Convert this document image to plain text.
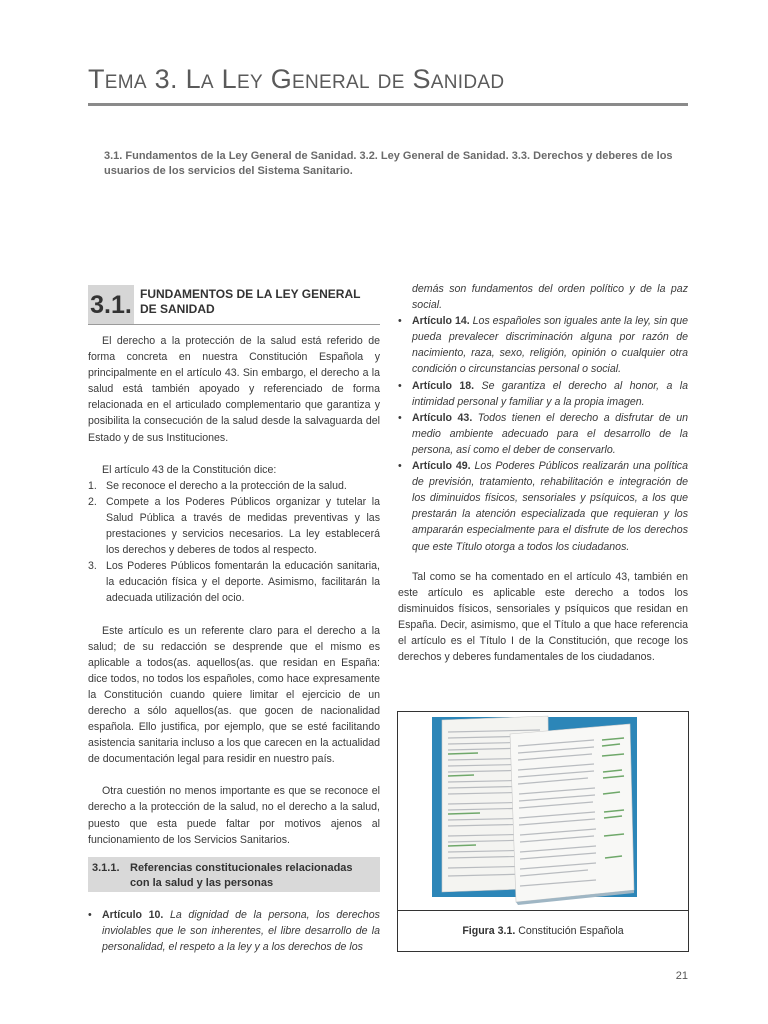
Tema 3. La Ley General de Sanidad
3.1. Fundamentos de la Ley General de Sanidad. 3.2. Ley General de Sanidad. 3.3. Derechos y deberes de los usuarios de los servicios del Sistema Sanitario.
3.1. FUNDAMENTOS DE LA LEY GENERAL DE SANIDAD

El derecho a la protección de la salud está referido de forma concreta en nuestra Constitución Española y principalmente en el artículo 43. Sin embargo, el derecho a la salud está también apoyado y referenciado de forma relacionada en el articulado complementario que garantiza y posibilita la consecución de la salud desde la salvaguarda del Estado y de sus Instituciones.

El artículo 43 de la Constitución dice:

1. Se reconoce el derecho a la protección de la salud.
2. Compete a los Poderes Públicos organizar y tutelar la Salud Pública a través de medidas preventivas y las prestaciones y servicios necesarios. La ley establecerá los derechos y deberes de todos al respecto.
3. Los Poderes Públicos fomentarán la educación sanitaria, la educación física y el deporte. Asimismo, facilitarán la adecuada utilización del ocio.

Este artículo es un referente claro para el derecho a la salud; de su redacción se desprende que el mismo es aplicable a todos(as. aquellos(as. que residan en España: dice todos, no todos los españoles, como hace expresamente la Constitución cuando quiere limitar el ejercicio de un derecho a sólo aquellos(as. que gocen de nacionalidad española. Ello justifica, por ejemplo, que se esté facilitando asistencia sanitaria incluso a los que carecen en la actualidad de documentación legal para residir en nuestro país.

Otra cuestión no menos importante es que se reconoce el derecho a la protección de la salud, no el derecho a la salud, puesto que esta puede faltar por motivos ajenos al funcionamiento de los Servicios Sanitarios.

3.1.1. Referencias constitucionales relacionadas con la salud y las personas
• Artículo 10. La dignidad de la persona, los derechos inviolables que le son inherentes, el libre desarrollo de la personalidad, el respeto a la ley y a los derechos de los
demás son fundamentos del orden político y de la paz social.
• Artículo 14. Los españoles son iguales ante la ley, sin que pueda prevalecer discriminación alguna por razón de nacimiento, raza, sexo, religión, opinión o cualquier otra condición o circunstancias personal o social.
• Artículo 18. Se garantiza el derecho al honor, a la intimidad personal y familiar y a la propia imagen.
• Artículo 43. Todos tienen el derecho a disfrutar de un medio ambiente adecuado para el desarrollo de la persona, así como el deber de conservarlo.
• Artículo 49. Los Poderes Públicos realizarán una política de previsión, tratamiento, rehabilitación e integración de los diminuidos físicos, sensoriales y psíquicos, a los que prestarán la atención especializada que requieran y los ampararán especialmente para el disfrute de los derechos que este Título otorga a todos los ciudadanos.

Tal como se ha comentado en el artículo 43, también en este artículo es aplicable este derecho a todos los disminuidos físicos, sensoriales y psíquicos que residan en España. Decir, asimismo, que el Título a que hace referencia el artículo es el Título I de la Constitución, que recoge los derechos y deberes fundamentales de los ciudadanos.

Figura 3.1. Constitución Española
21
